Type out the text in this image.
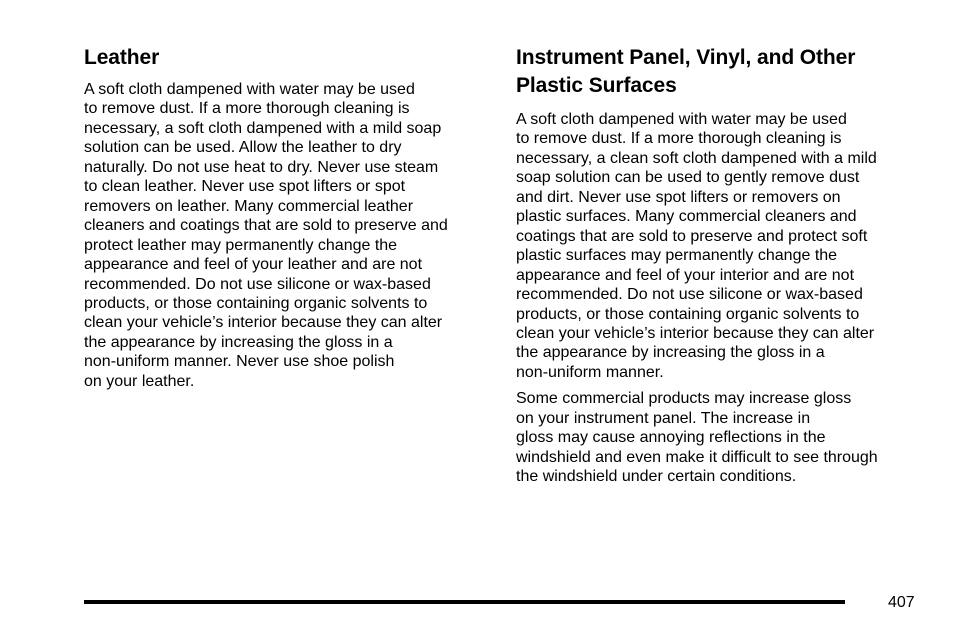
Leather

A soft cloth dampened with water may be used
to remove dust. If a more thorough cleaning is
necessary, a soft cloth dampened with a mild soap
solution can be used. Allow the leather to dry
naturally. Do not use heat to dry. Never use steam
to clean leather. Never use spot lifters or spot
removers on leather. Many commercial leather
cleaners and coatings that are sold to preserve and
protect leather may permanently change the
appearance and feel of your leather and are not
recommended. Do not use silicone or wax-based
products, or those containing organic solvents to
clean your vehicle’s interior because they can alter
the appearance by increasing the gloss in a
non-uniform manner. Never use shoe polish
on your leather.

Instrument Panel, Vinyl, and Other
Plastic Surfaces

A soft cloth dampened with water may be used
to remove dust. If a more thorough cleaning is
necessary, a clean soft cloth dampened with a mild
soap solution can be used to gently remove dust
and dirt. Never use spot lifters or removers on
plastic surfaces. Many commercial cleaners and
coatings that are sold to preserve and protect soft
plastic surfaces may permanently change the
appearance and feel of your interior and are not
recommended. Do not use silicone or wax-based
products, or those containing organic solvents to
clean your vehicle’s interior because they can alter
the appearance by increasing the gloss in a
non-uniform manner.

Some commercial products may increase gloss
on your instrument panel. The increase in
gloss may cause annoying reflections in the
windshield and even make it difficult to see through
the windshield under certain conditions.

407
